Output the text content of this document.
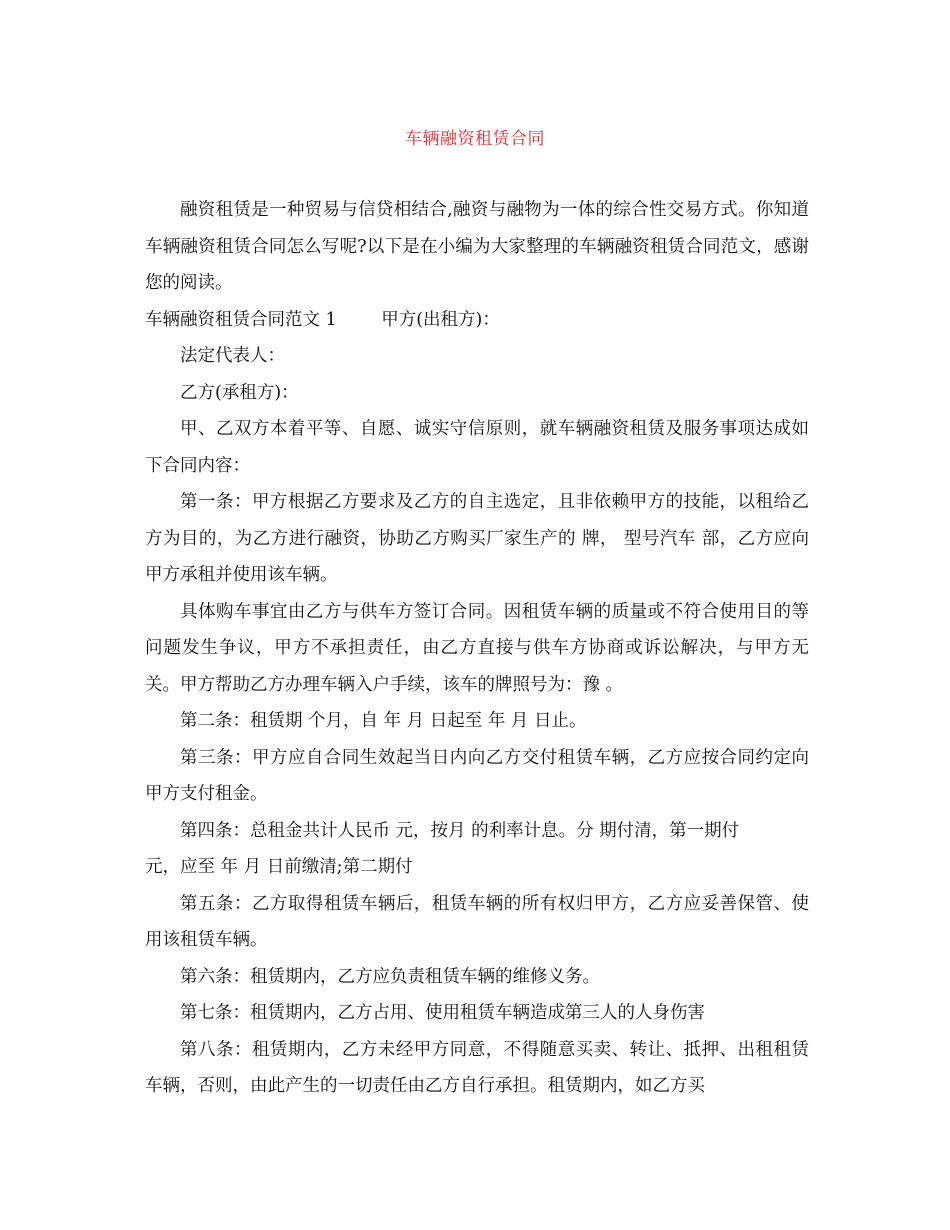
车辆融资租赁合同

融资租赁是一种贸易与信贷相结合,融资与融物为一体的综合性交易方式。你知道车辆融资租赁合同怎么写呢?以下是在小编为大家整理的车辆融资租赁合同范文，感谢您的阅读。

车辆融资租赁合同范文 1        甲方(出租方)：

法定代表人：

乙方(承租方)：

甲、乙双方本着平等、自愿、诚实守信原则，就车辆融资租赁及服务事项达成如下合同内容：

第一条：甲方根据乙方要求及乙方的自主选定，且非依赖甲方的技能，以租给乙方为目的，为乙方进行融资，协助乙方购买厂家生产的 牌， 型号汽车 部，乙方应向甲方承租并使用该车辆。

具体购车事宜由乙方与供车方签订合同。因租赁车辆的质量或不符合使用目的等问题发生争议，甲方不承担责任，由乙方直接与供车方协商或诉讼解决，与甲方无关。甲方帮助乙方办理车辆入户手续，该车的牌照号为：豫 。

第二条：租赁期 个月，自 年 月 日起至 年 月 日止。

第三条：甲方应自合同生效起当日内向乙方交付租赁车辆，乙方应按合同约定向甲方支付租金。

第四条：总租金共计人民币 元，按月 的利率计息。分 期付清，第一期付

元，应至 年 月 日前缴清;第二期付

第五条：乙方取得租赁车辆后，租赁车辆的所有权归甲方，乙方应妥善保管、使用该租赁车辆。

第六条：租赁期内，乙方应负责租赁车辆的维修义务。

第七条：租赁期内，乙方占用、使用租赁车辆造成第三人的人身伤害

第八条：租赁期内，乙方未经甲方同意，不得随意买卖、转让、抵押、出租租赁车辆，否则，由此产生的一切责任由乙方自行承担。租赁期内，如乙方买
